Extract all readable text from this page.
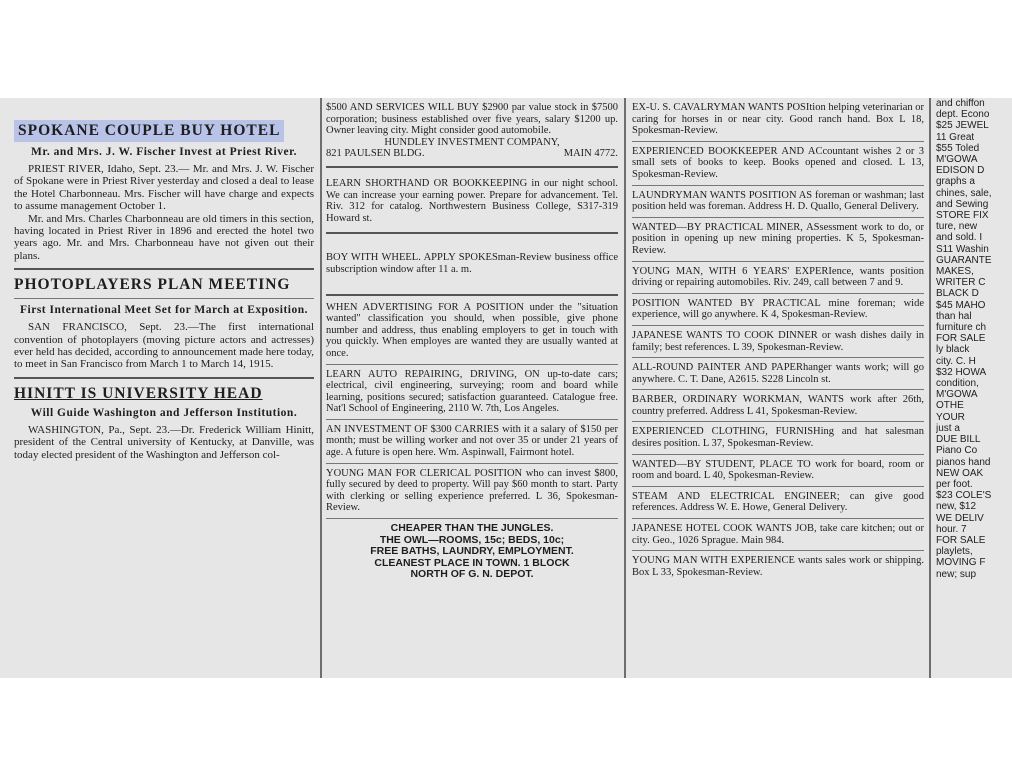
SPOKANE COUPLE BUY HOTEL
Mr. and Mrs. J. W. Fischer Invest at Priest River.

PRIEST RIVER, Idaho, Sept. 23.— Mr. and Mrs. J. W. Fischer of Spokane were in Priest River yesterday and closed a deal to lease the Hotel Charbonneau. Mrs. Fischer will have charge and expects to assume management October 1.

Mr. and Mrs. Charles Charbonneau are old timers in this section, having located in Priest River in 1896 and erected the hotel two years ago. Mr. and Mrs. Charbonneau have not given out their plans.

PHOTOPLAYERS PLAN MEETING
First International Meet Set for March at Exposition.

SAN FRANCISCO, Sept. 23.—The first international convention of photoplayers (moving picture actors and actresses) ever held has decided, according to announcement made here today, to meet in San Francisco from March 1 to March 14, 1915.

HINITT IS UNIVERSITY HEAD
Will Guide Washington and Jefferson Institution.

WASHINGTON, Pa., Sept. 23.—Dr. Frederick William Hinitt, president of the Central university of Kentucky, at Danville, was today elected president of the Washington and Jefferson col-

$500 AND SERVICES WILL BUY $2900 par value stock in $7500 corporation; business established over five years, salary $1200 up. Owner leaving city. Might consider good automobile.

HUNDLEY INVESTMENT COMPANY,
821 PAULSEN BLDG.	MAIN 4772.

LEARN SHORTHAND OR BOOKKEEPING in our night school. We can increase your earning power. Prepare for advancement. Tel. Riv. 312 for catalog. Northwestern Business College, S317-319 Howard st.

BOY WITH WHEEL. APPLY SPOKESman-Review business office subscription window after 11 a. m.

WHEN ADVERTISING FOR A POSITION under the "situation wanted" classification you should, when possible, give phone number and address, thus enabling employers to get in touch with you quickly. When employes are wanted they are usually wanted at once.

LEARN AUTO REPAIRING, DRIVING, ON up-to-date cars; electrical, civil engineering, surveying; room and board while learning, positions secured; satisfaction guaranteed. Catalogue free. Nat'l School of Engineering, 2110 W. 7th, Los Angeles.

AN INVESTMENT OF $300 CARRIES with it a salary of $150 per month; must be willing worker and not over 35 or under 21 years of age. A future is open here. Wm. Aspinwall, Fairmont hotel.

YOUNG MAN FOR CLERICAL POSITION who can invest $800, fully secured by deed to property. Will pay $60 month to start. Party with clerking or selling experience preferred. L 36, Spokesman-Review.

CHEAPER THAN THE JUNGLES.
THE OWL—ROOMS, 15c; BEDS, 10c;
FREE BATHS, LAUNDRY, EMPLOYMENT.
CLEANEST PLACE IN TOWN. 1 BLOCK
NORTH OF G. N. DEPOT.

EX-U. S. CAVALRYMAN WANTS POSItion helping veterinarian or caring for horses in or near city. Good ranch hand. Box L 18, Spokesman-Review.

EXPERIENCED BOOKKEEPER AND ACcountant wishes 2 or 3 small sets of books to keep. Books opened and closed. L 13, Spokesman-Review.

LAUNDRYMAN WANTS POSITION AS foreman or washman; last position held was foreman. Address H. D. Quallo, General Delivery.

WANTED—BY PRACTICAL MINER, ASsessment work to do, or position in opening up new mining properties. K 5, Spokesman-Review.

YOUNG MAN, WITH 6 YEARS' EXPERIence, wants position driving or repairing automobiles. Riv. 249, call between 7 and 9.

POSITION WANTED BY PRACTICAL mine foreman; wide experience, will go anywhere. K 4, Spokesman-Review.

JAPANESE WANTS TO COOK DINNER or wash dishes daily in family; best references. L 39, Spokesman-Review.

ALL-ROUND PAINTER AND PAPERhanger wants work; will go anywhere. C. T. Dane, A2615. S228 Lincoln st.

BARBER, ORDINARY WORKMAN, WANTS work after 26th, country preferred. Address L 41, Spokesman-Review.

EXPERIENCED CLOTHING, FURNISHing and hat salesman desires position. L 37, Spokesman-Review.

WANTED—BY STUDENT, PLACE TO work for board, room or room and board. L 40, Spokesman-Review.

STEAM AND ELECTRICAL ENGINEER; can give good references. Address W. E. Howe, General Delivery.

JAPANESE HOTEL COOK WANTS JOB, take care kitchen; out or city. Geo., 1026 Sprague. Main 984.

YOUNG MAN WITH EXPERIENCE wants sales work or shipping. Box L 33, Spokesman-Review.

and chiffon
dept. Econo
$25 JEWEL
11 Great
$55 Toled
M'GOWA
EDISON D
graphs a
chines, sale,
and Sewing
STORE FIX
ture, new
and sold. I
S11 Washin
GUARANTE
MAKES,
WRITER C
BLACK D
$45 MAHO
than hal
furniture ch
FOR SALE
ly black
city. C. H
$32 HOWA
condition,
M'GOWA
OTHE
YOUR
just a
DUE BILL
Piano Co
pianos hand
NEW OAK
per foot.
$23 COLE'S
new, $12
WE DELIV
hour. 7
FOR SALE
playlets,
MOVING F
new; sup
